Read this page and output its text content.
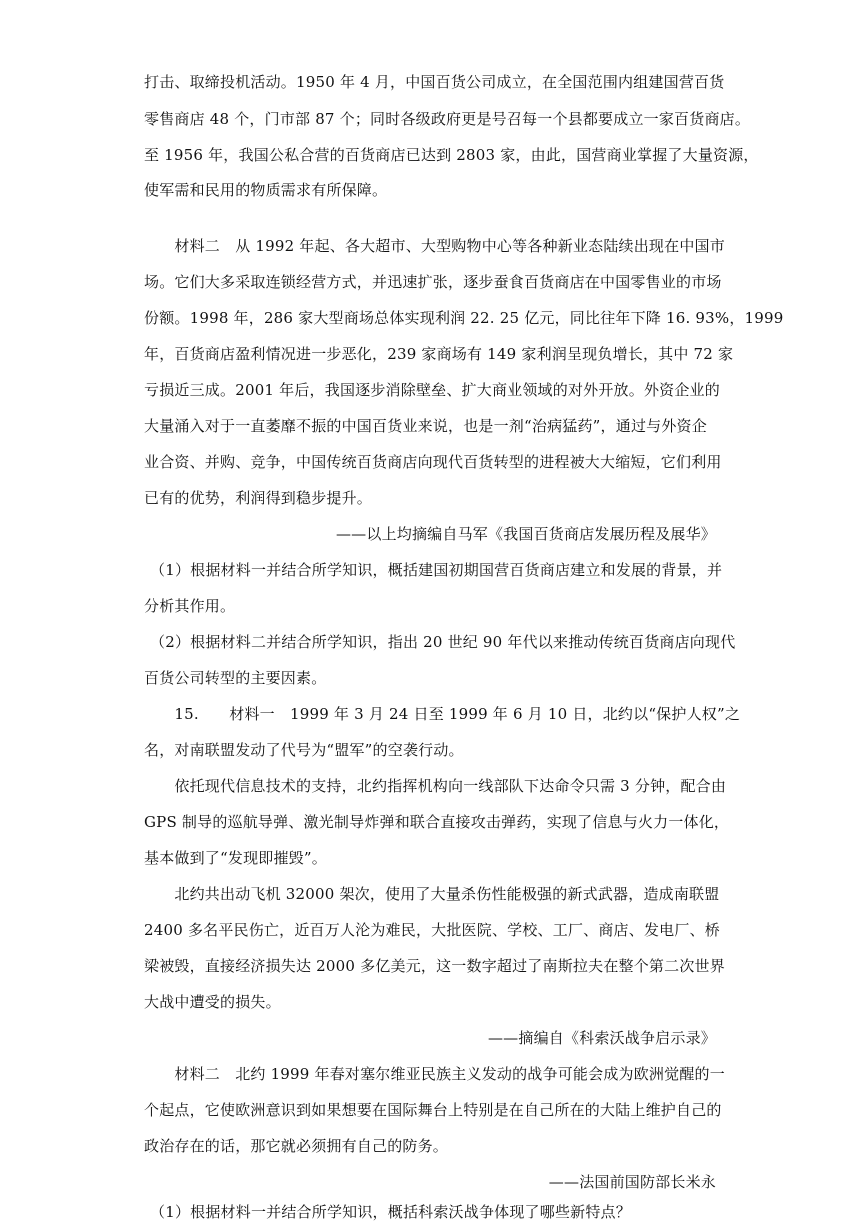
打击、取缔投机活动。1950 年 4 月，中国百货公司成立，在全国范围内组建国营百货
零售商店 48 个，门市部 87 个；同时各级政府更是号召每一个县都要成立一家百货商店。
至 1956 年，我国公私合营的百货商店已达到 2803 家，由此，国营商业掌握了大量资源，
使军需和民用的物质需求有所保障。
　　材料二　从 1992 年起、各大超市、大型购物中心等各种新业态陆续出现在中国市
场。它们大多采取连锁经营方式，并迅速扩张，逐步蚕食百货商店在中国零售业的市场
份额。1998 年，286 家大型商场总体实现利润 22. 25 亿元，同比往年下降 16. 93%，1999
年，百货商店盈利情况进一步恶化，239 家商场有 149 家利润呈现负增长，其中 72 家
亏损近三成。2001 年后，我国逐步消除壁垒、扩大商业领域的对外开放。外资企业的
大量涌入对于一直萎靡不振的中国百货业来说，也是一剂“治病猛药”，通过与外资企
业合资、并购、竞争，中国传统百货商店向现代百货转型的进程被大大缩短，它们利用
已有的优势，利润得到稳步提升。
——以上均摘编自马军《我国百货商店发展历程及展华》
（1）根据材料一并结合所学知识，概括建国初期国营百货商店建立和发展的背景，并
分析其作用。
（2）根据材料二并结合所学知识，指出 20 世纪 90 年代以来推动传统百货商店向现代
百货公司转型的主要因素。
　　15.　　材料一　1999 年 3 月 24 日至 1999 年 6 月 10 日，北约以“保护人权”之
名，对南联盟发动了代号为“盟军”的空袭行动。
　　依托现代信息技术的支持，北约指挥机构向一线部队下达命令只需 3 分钟，配合由
GPS 制导的巡航导弹、激光制导炸弹和联合直接攻击弹药，实现了信息与火力一体化，
基本做到了“发现即摧毁”。
　　北约共出动飞机 32000 架次，使用了大量杀伤性能极强的新式武器，造成南联盟
2400 多名平民伤亡，近百万人沦为难民，大批医院、学校、工厂、商店、发电厂、桥
梁被毁，直接经济损失达 2000 多亿美元，这一数字超过了南斯拉夫在整个第二次世界
大战中遭受的损失。
——摘编自《科索沃战争启示录》
　　材料二　北约 1999 年春对塞尔维亚民族主义发动的战争可能会成为欧洲觉醒的一
个起点，它使欧洲意识到如果想要在国际舞台上特别是在自己所在的大陆上维护自己的
政治存在的话，那它就必须拥有自己的防务。
——法国前国防部长米永
（1）根据材料一并结合所学知识，概括科索沃战争体现了哪些新特点？
